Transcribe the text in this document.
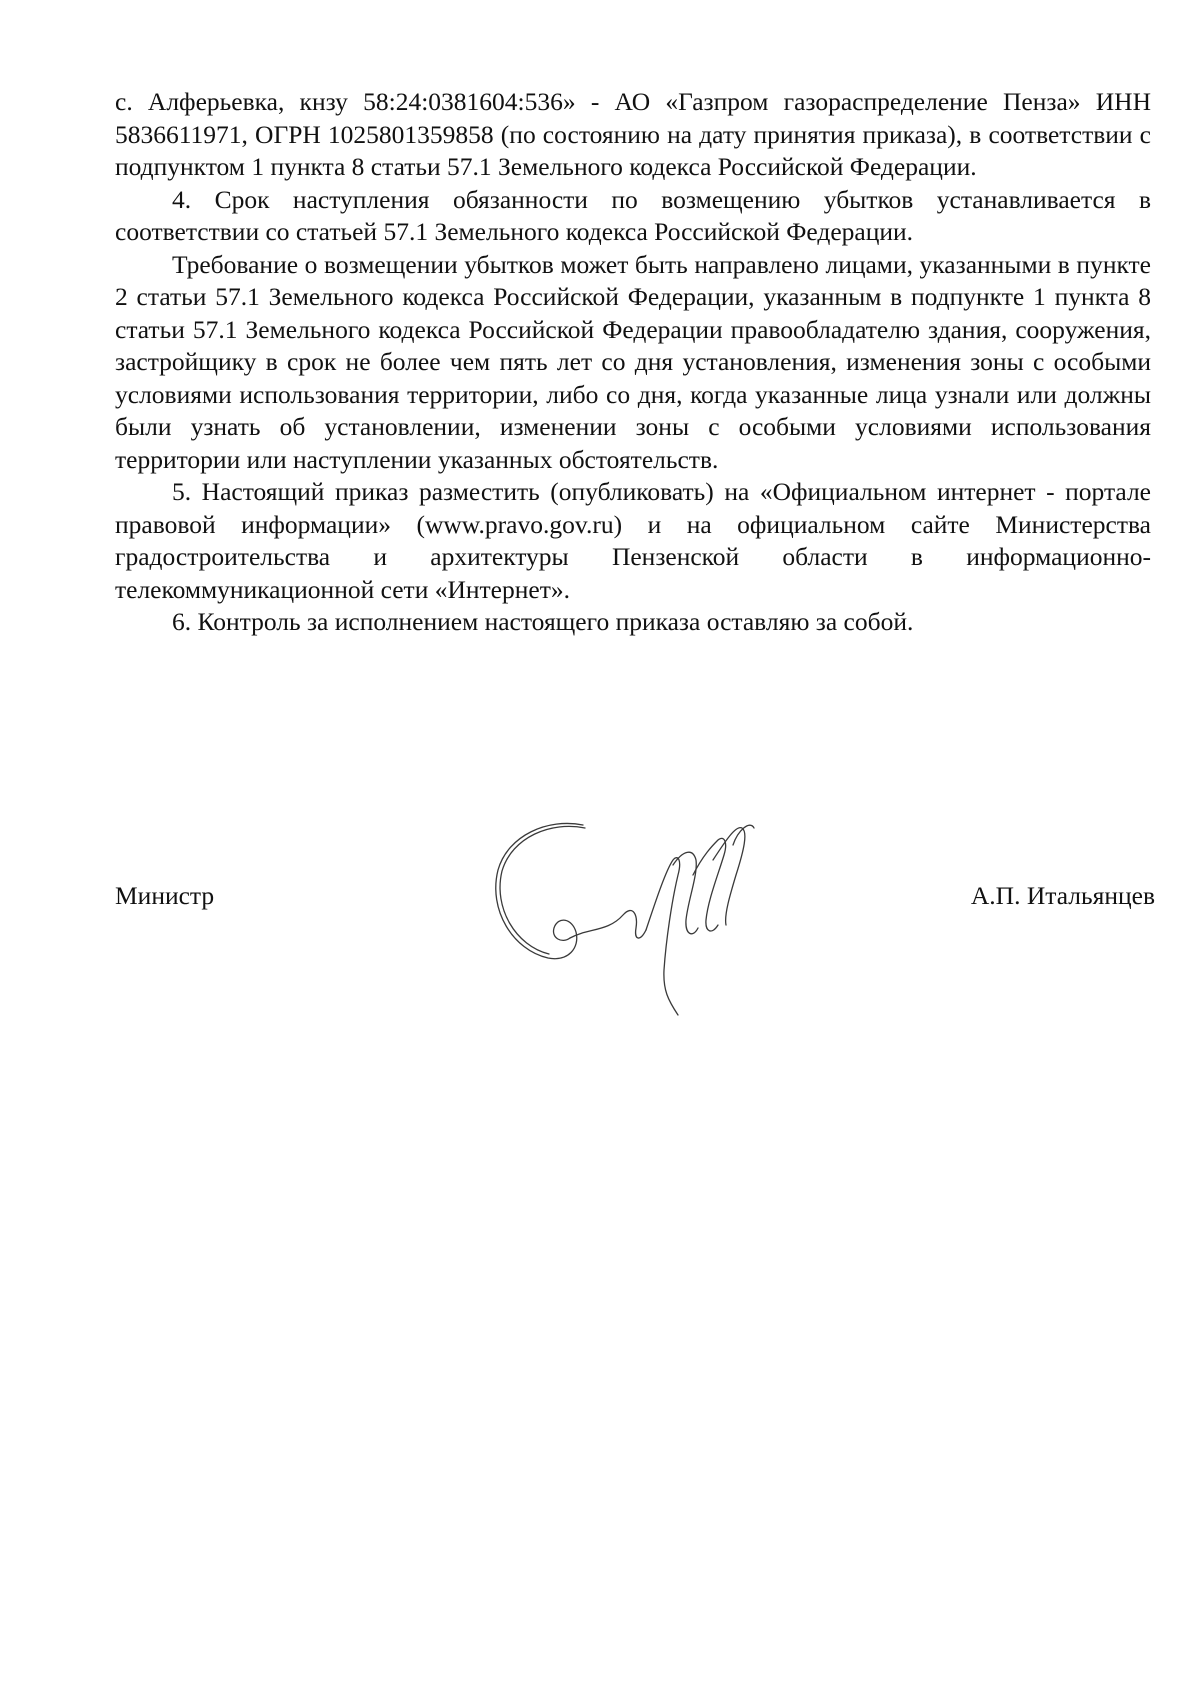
с. Алферьевка, кнзу 58:24:0381604:536» - АО «Газпром газораспределение Пенза» ИНН 5836611971, ОГРН 1025801359858 (по состоянию на дату принятия приказа), в соответствии с подпунктом 1 пункта 8 статьи 57.1 Земельного кодекса Российской Федерации.

4. Срок наступления обязанности по возмещению убытков устанавливается в соответствии со статьей 57.1 Земельного кодекса Российской Федерации.

Требование о возмещении убытков может быть направлено лицами, указанными в пункте 2 статьи 57.1 Земельного кодекса Российской Федерации, указанным в подпункте 1 пункта 8 статьи 57.1 Земельного кодекса Российской Федерации правообладателю здания, сооружения, застройщику в срок не более чем пять лет со дня установления, изменения зоны с особыми условиями использования территории, либо со дня, когда указанные лица узнали или должны были узнать об установлении, изменении зоны с особыми условиями использования территории или наступлении указанных обстоятельств.

5. Настоящий приказ разместить (опубликовать) на «Официальном интернет - портале правовой информации» (www.pravo.gov.ru) и на официальном сайте Министерства градостроительства и архитектуры Пензенской области в информационно-телекоммуникационной сети «Интернет».

6. Контроль за исполнением настоящего приказа оставляю за собой.

Министр	А.П. Итальянцев
